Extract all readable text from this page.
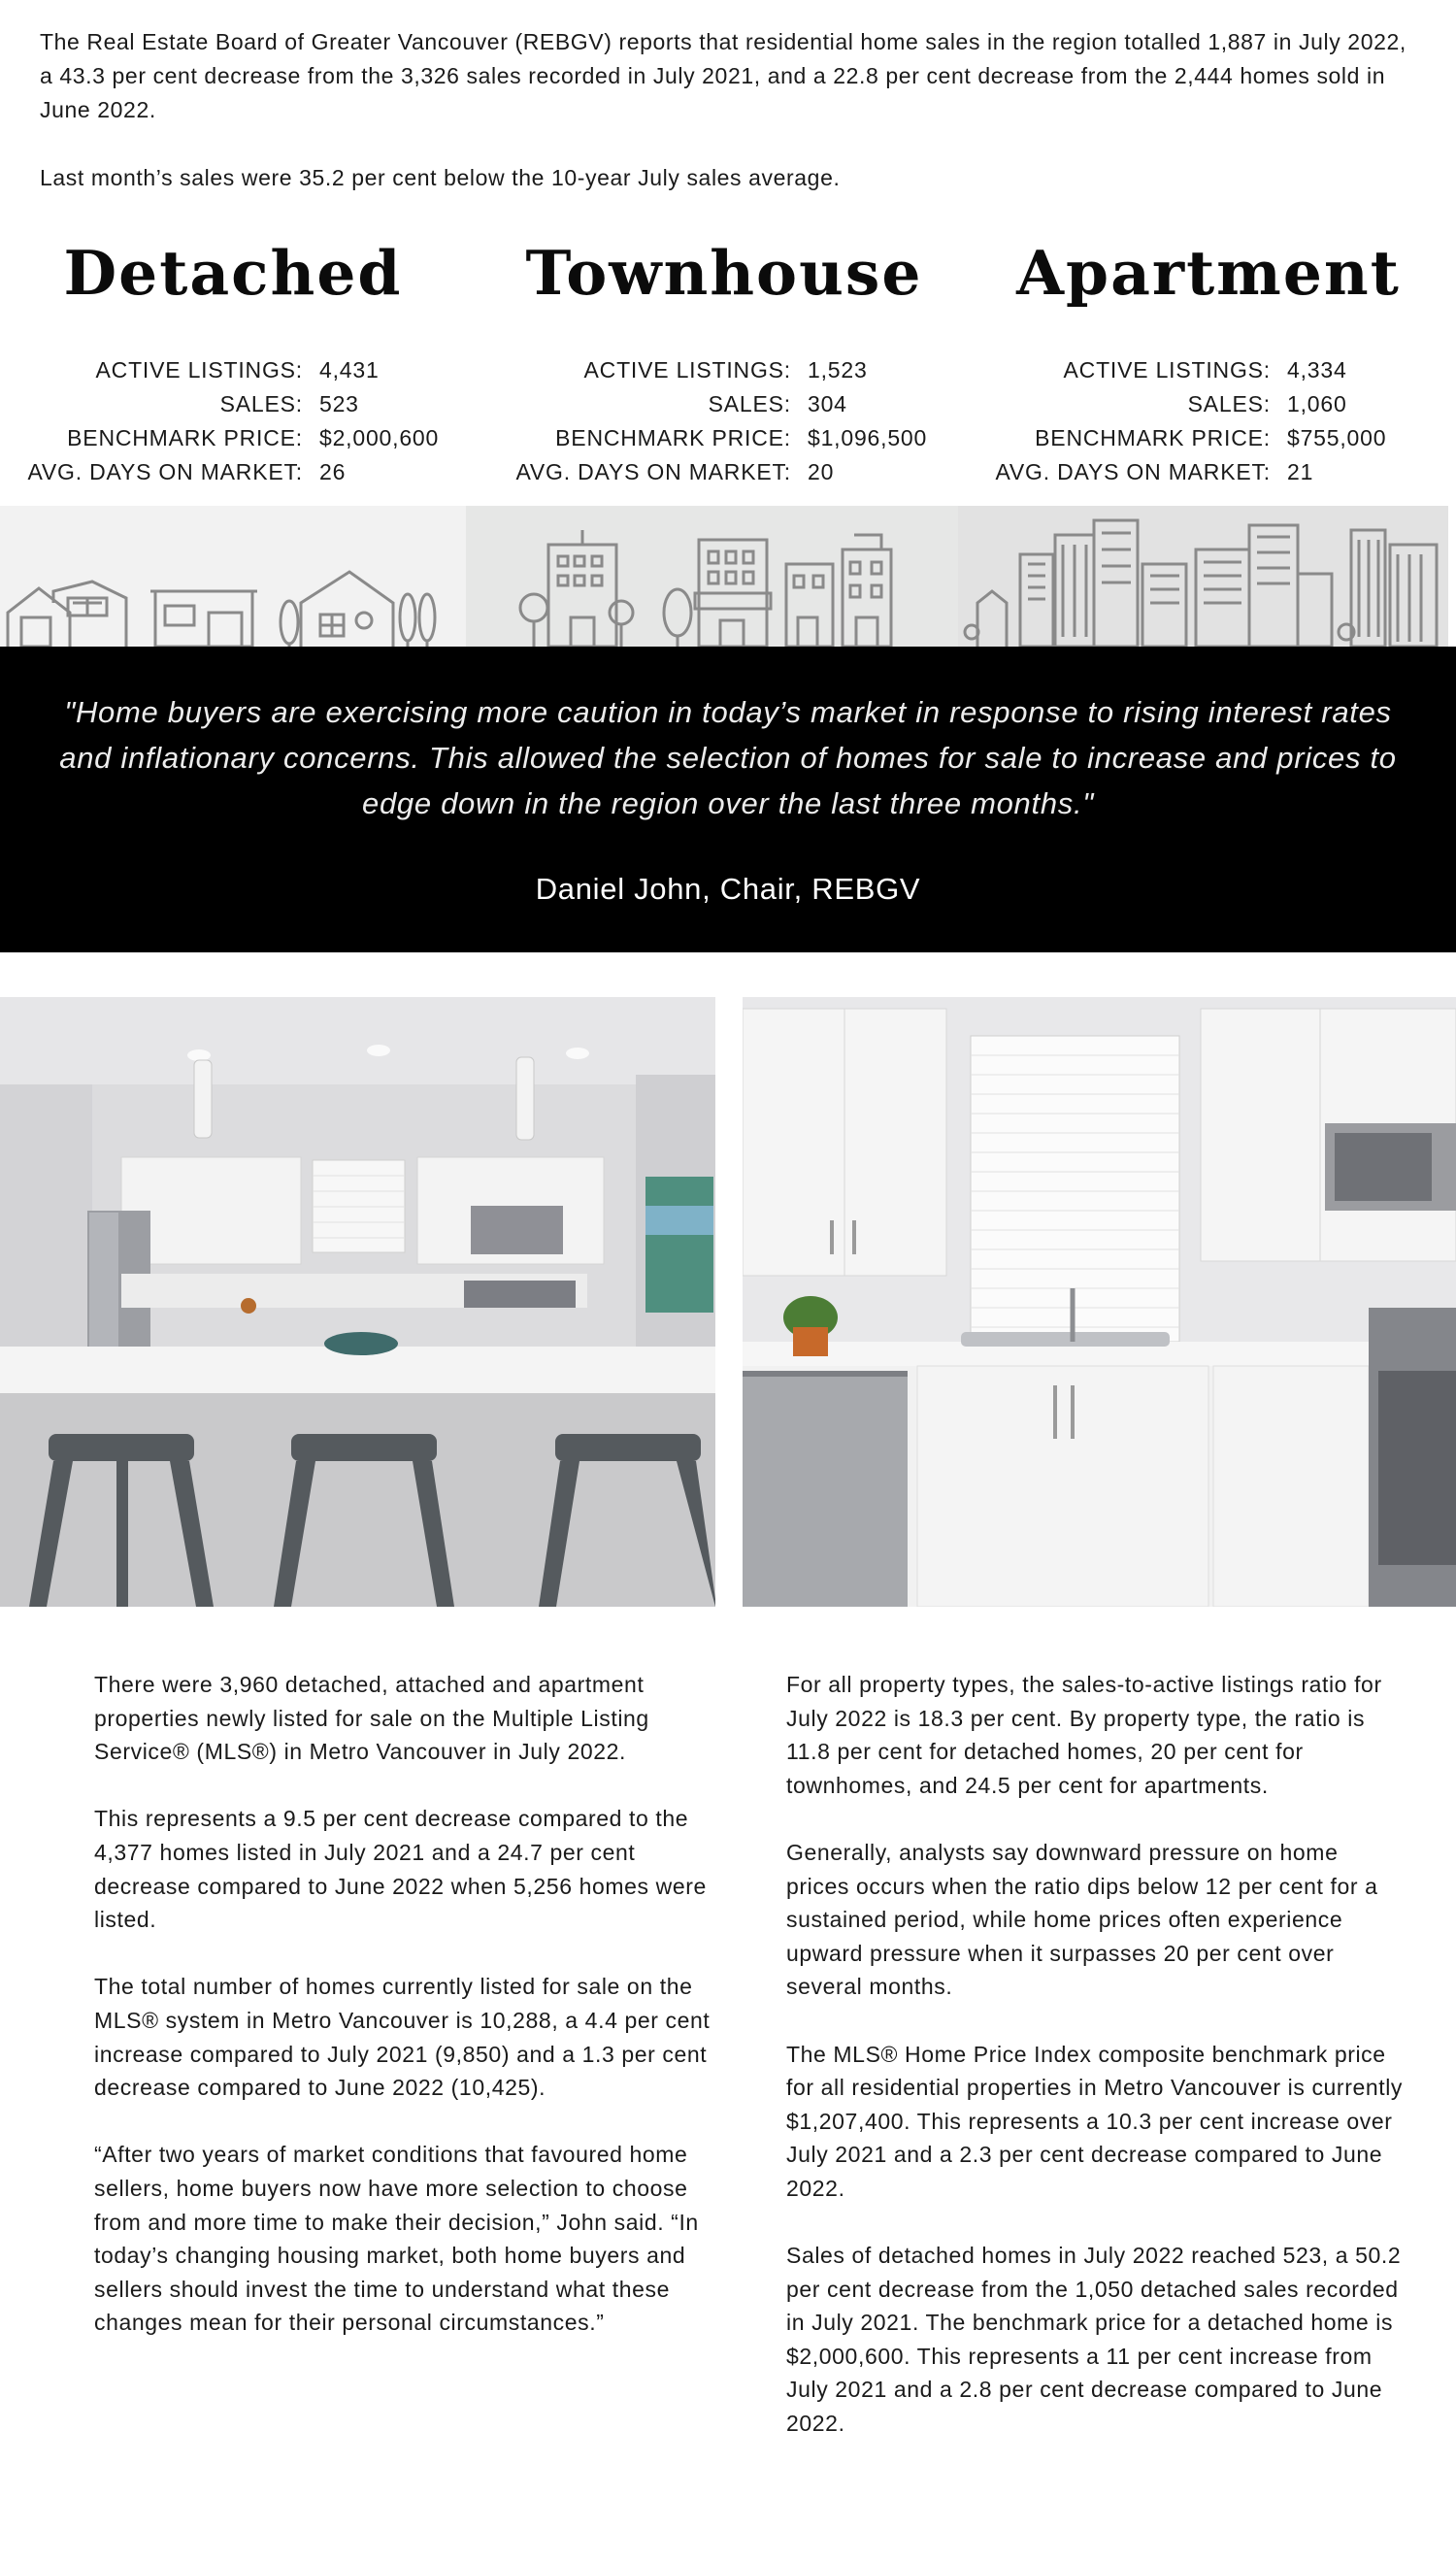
The Real Estate Board of Greater Vancouver (REBGV) reports that residential home sales in the region totalled 1,887 in July 2022, a 43.3 per cent decrease from the 3,326 sales recorded in July 2021, and a 22.8 per cent decrease from the 2,444 homes sold in June 2022.

Last month’s sales were 35.2 per cent below the 10-year July sales average.

Detached	Townhouse	Apartment
ACTIVE LISTINGS: 4,431
SALES: 523
BENCHMARK PRICE: $2,000,600
AVG. DAYS ON MARKET: 26
ACTIVE LISTINGS: 1,523
SALES: 304
BENCHMARK PRICE: $1,096,500
AVG. DAYS ON MARKET: 20
ACTIVE LISTINGS: 4,334
SALES: 1,060
BENCHMARK PRICE: $755,000
AVG. DAYS ON MARKET: 21
"Home buyers are exercising more caution in today’s market in response to rising interest rates and inflationary concerns. This allowed the selection of homes for sale to increase and prices to edge down in the region over the last three months."
Daniel John, Chair, REBGV

There were 3,960 detached, attached and apartment properties newly listed for sale on the Multiple Listing Service® (MLS®) in Metro Vancouver in July 2022.

This represents a 9.5 per cent decrease compared to the 4,377 homes listed in July 2021 and a 24.7 per cent decrease compared to June 2022 when 5,256 homes were listed.

The total number of homes currently listed for sale on the MLS® system in Metro Vancouver is 10,288, a 4.4 per cent increase compared to July 2021 (9,850) and a 1.3 per cent decrease compared to June 2022 (10,425).

“After two years of market conditions that favoured home sellers, home buyers now have more selection to choose from and more time to make their decision,” John said. “In today’s changing housing market, both home buyers and sellers should invest the time to understand what these changes mean for their personal circumstances.”

For all property types, the sales-to-active listings ratio for July 2022 is 18.3 per cent. By property type, the ratio is 11.8 per cent for detached homes, 20 per cent for townhomes, and 24.5 per cent for apartments.

Generally, analysts say downward pressure on home prices occurs when the ratio dips below 12 per cent for a sustained period, while home prices often experience upward pressure when it surpasses 20 per cent over several months.

The MLS® Home Price Index composite benchmark price for all residential properties in Metro Vancouver is currently $1,207,400. This represents a 10.3 per cent increase over July 2021 and a 2.3 per cent decrease compared to June 2022.

Sales of detached homes in July 2022 reached 523, a 50.2 per cent decrease from the 1,050 detached sales recorded in July 2021. The benchmark price for a detached home is $2,000,600. This represents a 11 per cent increase from July 2021 and a 2.8 per cent decrease compared to June 2022.
